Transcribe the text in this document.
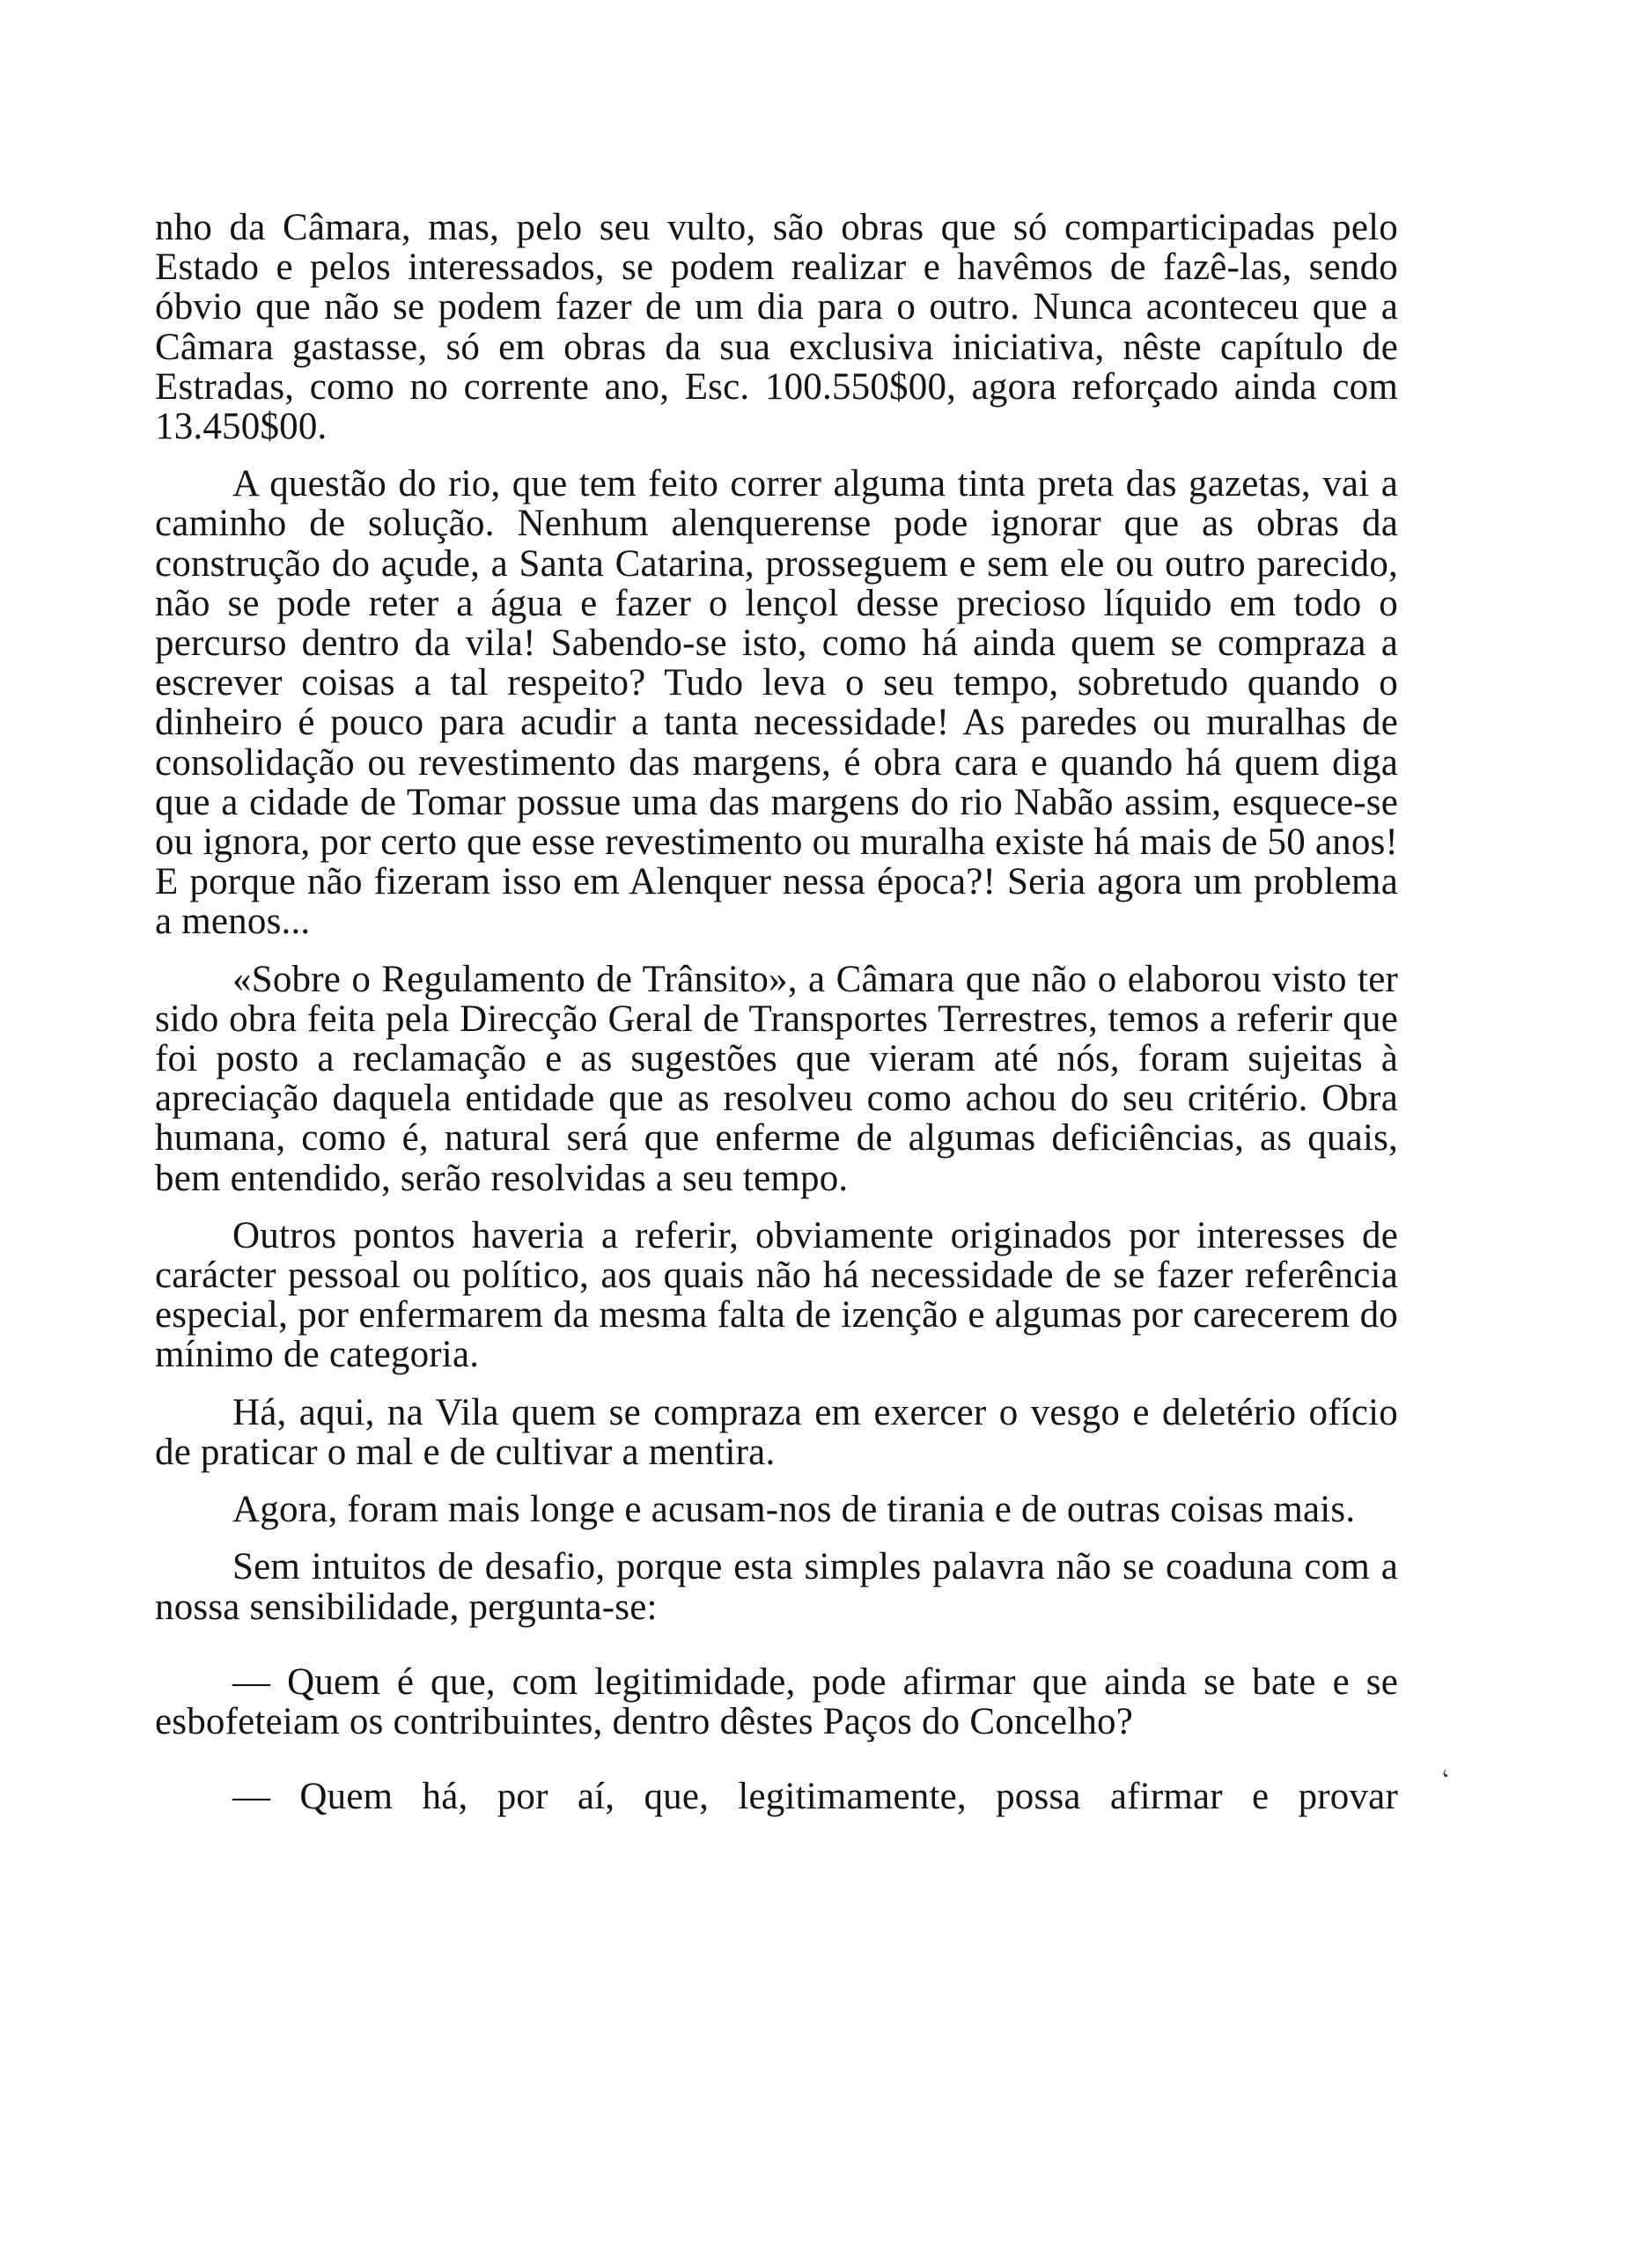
nho da Câmara, mas, pelo seu vulto, são obras que só comparticipadas pelo Estado e pelos interessados, se podem realizar e havêmos de fazê-las, sendo óbvio que não se podem fazer de um dia para o outro. Nunca aconteceu que a Câmara gastasse, só em obras da sua exclusiva iniciativa, nêste capítulo de Estradas, como no corrente ano, Esc. 100.550$00, agora reforçado ainda com 13.450$00.

A questão do rio, que tem feito correr alguma tinta preta das gazetas, vai a caminho de solução. Nenhum alenquerense pode ignorar que as obras da construção do açude, a Santa Catarina, prosseguem e sem ele ou outro parecido, não se pode reter a água e fazer o lençol desse precioso líquido em todo o percurso dentro da vila! Sabendo-se isto, como há ainda quem se compraza a escrever coisas a tal respeito? Tudo leva o seu tempo, sobretudo quando o dinheiro é pouco para acudir a tanta necessidade! As paredes ou muralhas de consolidação ou revestimento das margens, é obra cara e quando há quem diga que a cidade de Tomar possue uma das margens do rio Nabão assim, esquece-se ou ignora, por certo que esse revestimento ou muralha existe há mais de 50 anos! E porque não fizeram isso em Alenquer nessa época?! Seria agora um problema a menos...

«Sobre o Regulamento de Trânsito», a Câmara que não o elaborou visto ter sido obra feita pela Direcção Geral de Transportes Terrestres, temos a referir que foi posto a reclamação e as sugestões que vieram até nós, foram sujeitas à apreciação daquela entidade que as resolveu como achou do seu critério. Obra humana, como é, natural será que enferme de algumas deficiências, as quais, bem entendido, serão resolvidas a seu tempo.

Outros pontos haveria a referir, obviamente originados por interesses de carácter pessoal ou político, aos quais não há necessidade de se fazer referência especial, por enfermarem da mesma falta de izenção e algumas por carecerem do mínimo de categoria.

Há, aqui, na Vila quem se compraza em exercer o vesgo e deletério ofício de praticar o mal e de cultivar a mentira.

Agora, foram mais longe e acusam-nos de tirania e de outras coisas mais.

Sem intuitos de desafio, porque esta simples palavra não se coaduna com a nossa sensibilidade, pergunta-se:

— Quem é que, com legitimidade, pode afirmar que ainda se bate e se esbofeteiam os contribuintes, dentro dêstes Paços do Concelho?

— Quem há, por aí, que, legitimamente, possa afirmar e provar ‘
